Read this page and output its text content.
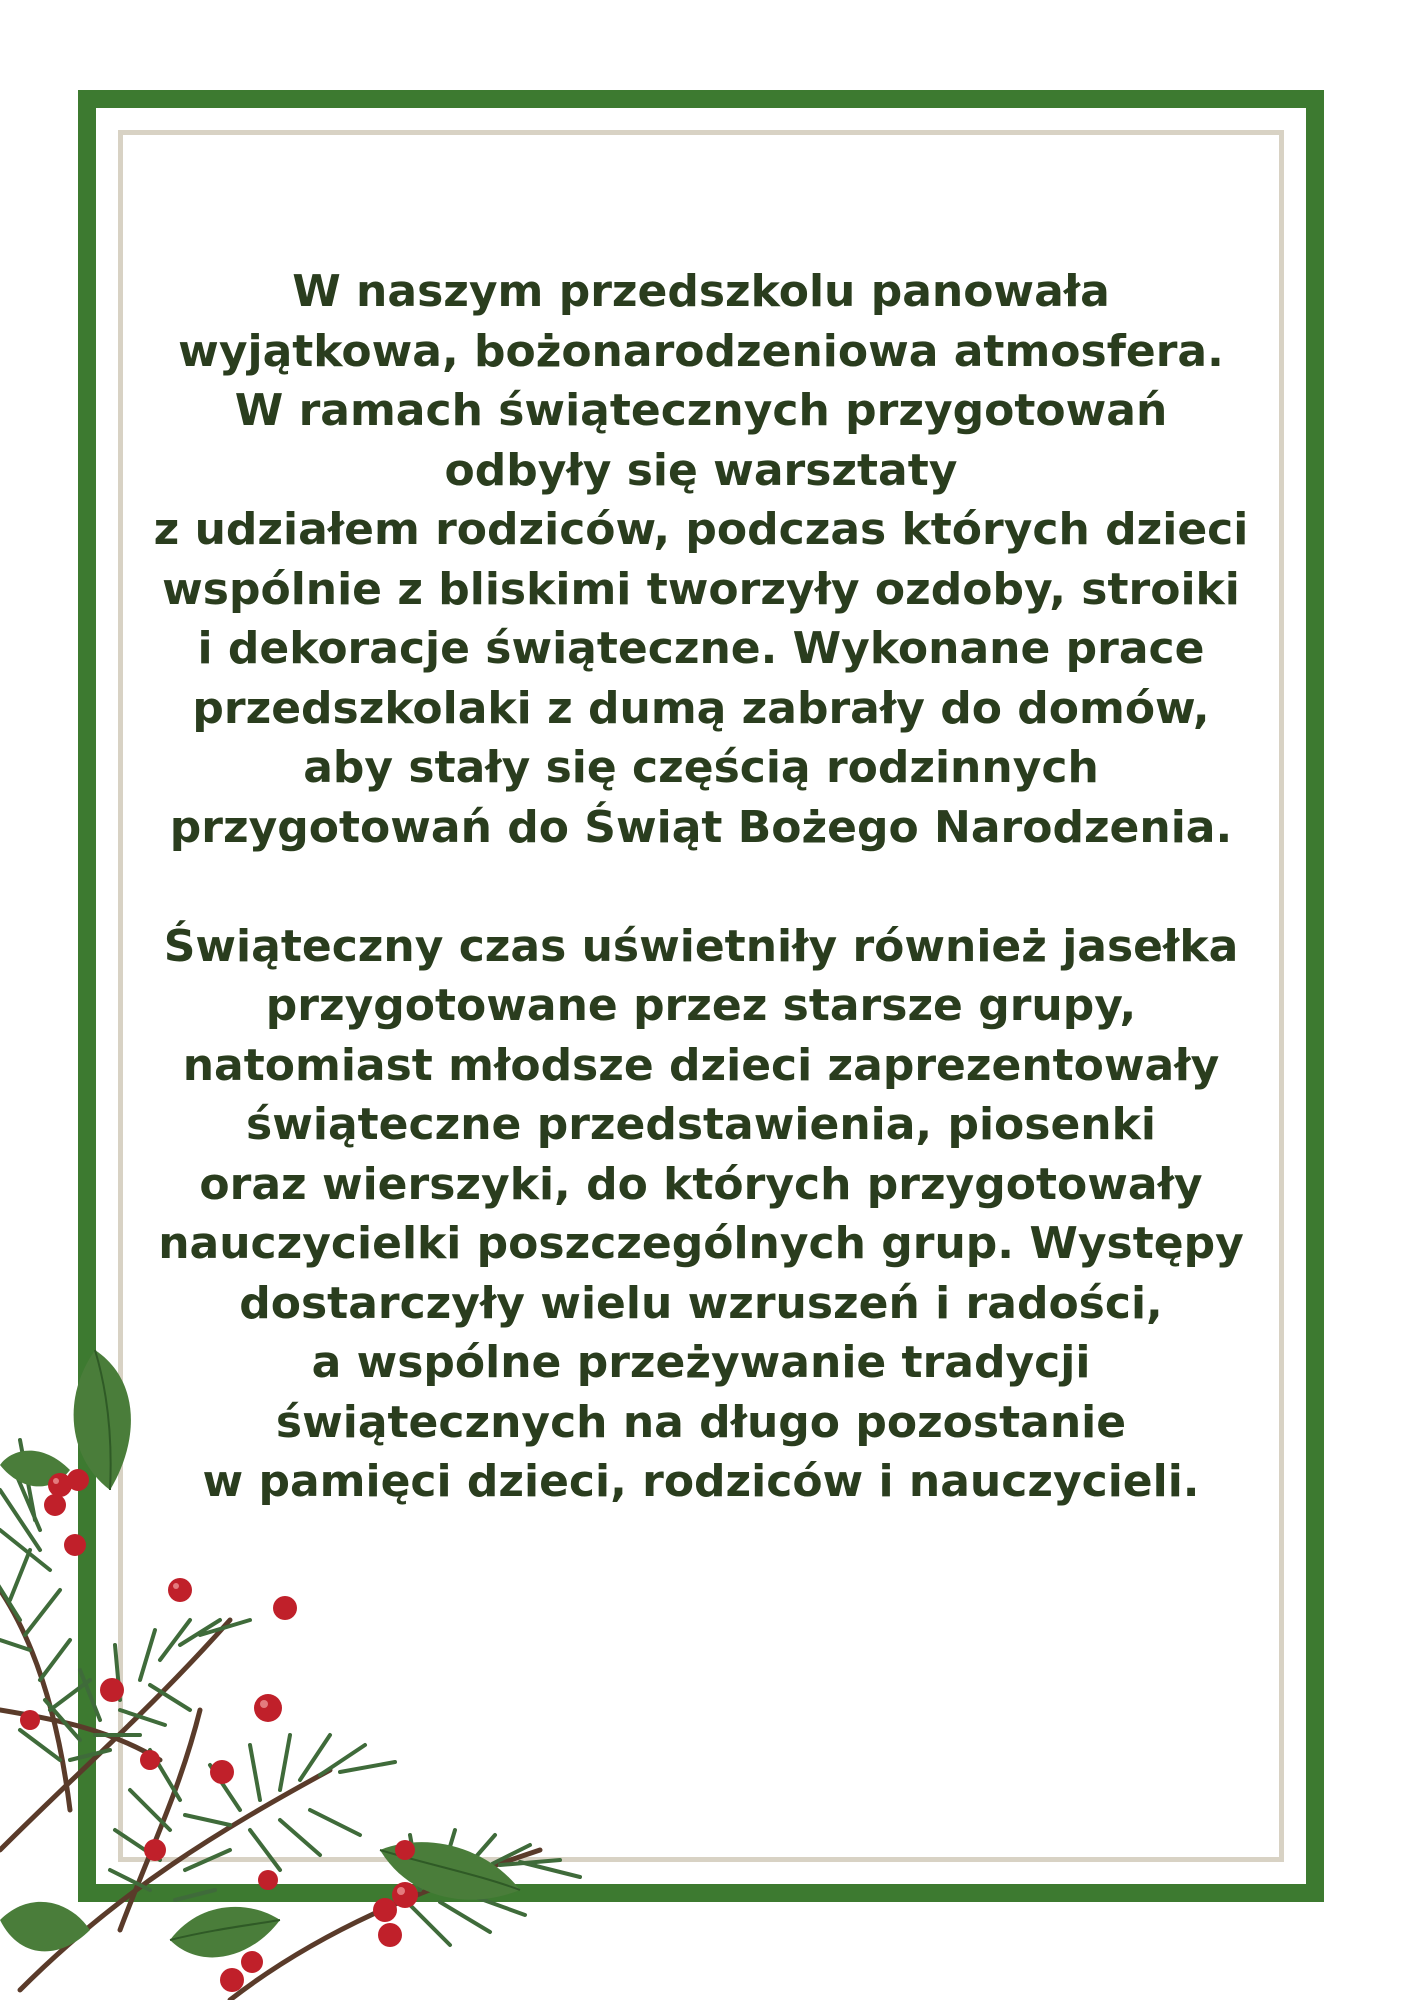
W naszym przedszkolu panowała
wyjątkowa, bożonarodzeniowa atmosfera.
W ramach świątecznych przygotowań
odbyły się warsztaty
z udziałem rodziców, podczas których dzieci
wspólnie z bliskimi tworzyły ozdoby, stroiki
i dekoracje świąteczne. Wykonane prace
przedszkolaki z dumą zabrały do domów,
aby stały się częścią rodzinnych
przygotowań do Świąt Bożego Narodzenia.
Świąteczny czas uświetniły również jasełka
przygotowane przez starsze grupy,
natomiast młodsze dzieci zaprezentowały
świąteczne przedstawienia, piosenki
oraz wierszyki, do których przygotowały
nauczycielki poszczególnych grup. Występy
dostarczyły wielu wzruszeń i radości,
a wspólne przeżywanie tradycji
świątecznych na długo pozostanie
w pamięci dzieci, rodziców i nauczycieli.
